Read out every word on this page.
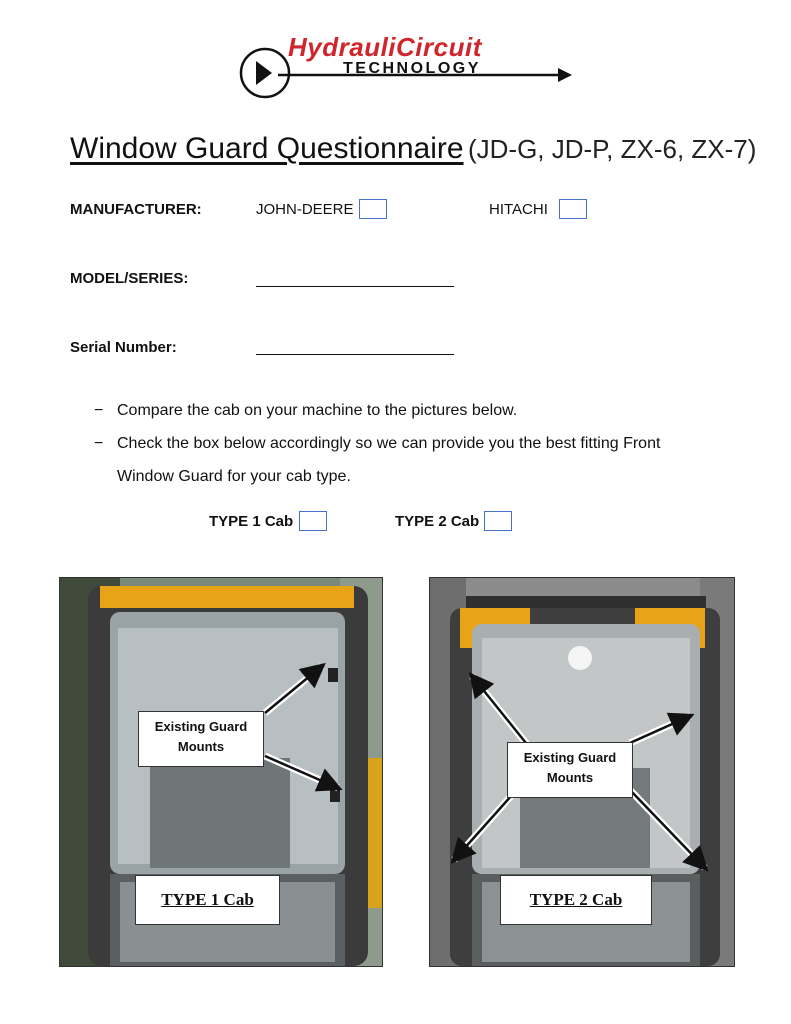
HydrauliCircuit
TECHNOLOGY
Window Guard Questionnaire (JD-G, JD-P, ZX-6, ZX-7)
MANUFACTURER:	JOHN-DEERE	HITACHI
MODEL/SERIES:
Serial Number:
− Compare the cab on your machine to the pictures below.
− Check the box below accordingly so we can provide you the best fitting Front
Window Guard for your cab type.
TYPE 1 Cab	TYPE 2 Cab
Existing Guard
Mounts
TYPE 1 Cab
Existing Guard
Mounts
TYPE 2 Cab
